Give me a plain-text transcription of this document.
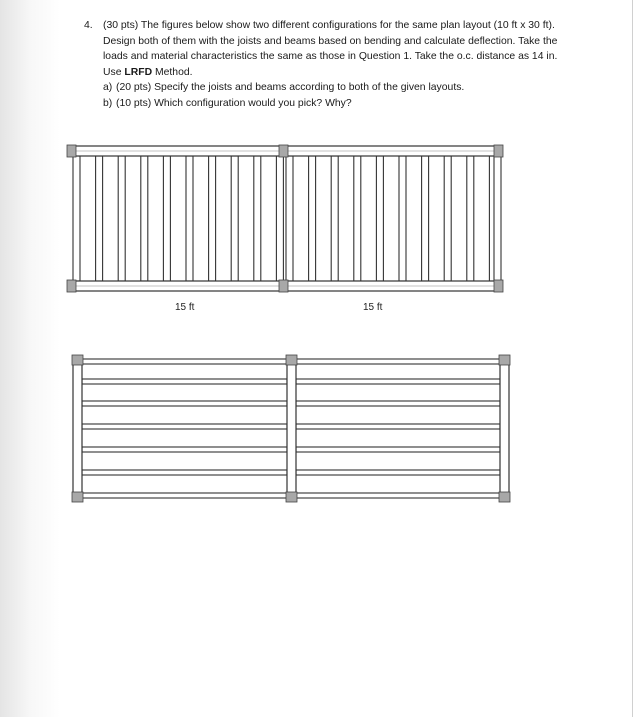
4. (30 pts) The figures below show two different configurations for the same plan layout (10 ft x 30 ft). Design both of them with the joists and beams based on bending and calculate deflection. Take the loads and material characteristics the same as those in Question 1. Take the o.c. distance as 14 in. Use LRFD Method.
a) (20 pts) Specify the joists and beams according to both of the given layouts.
b) (10 pts) Which configuration would you pick? Why?
15 ft	15 ft
